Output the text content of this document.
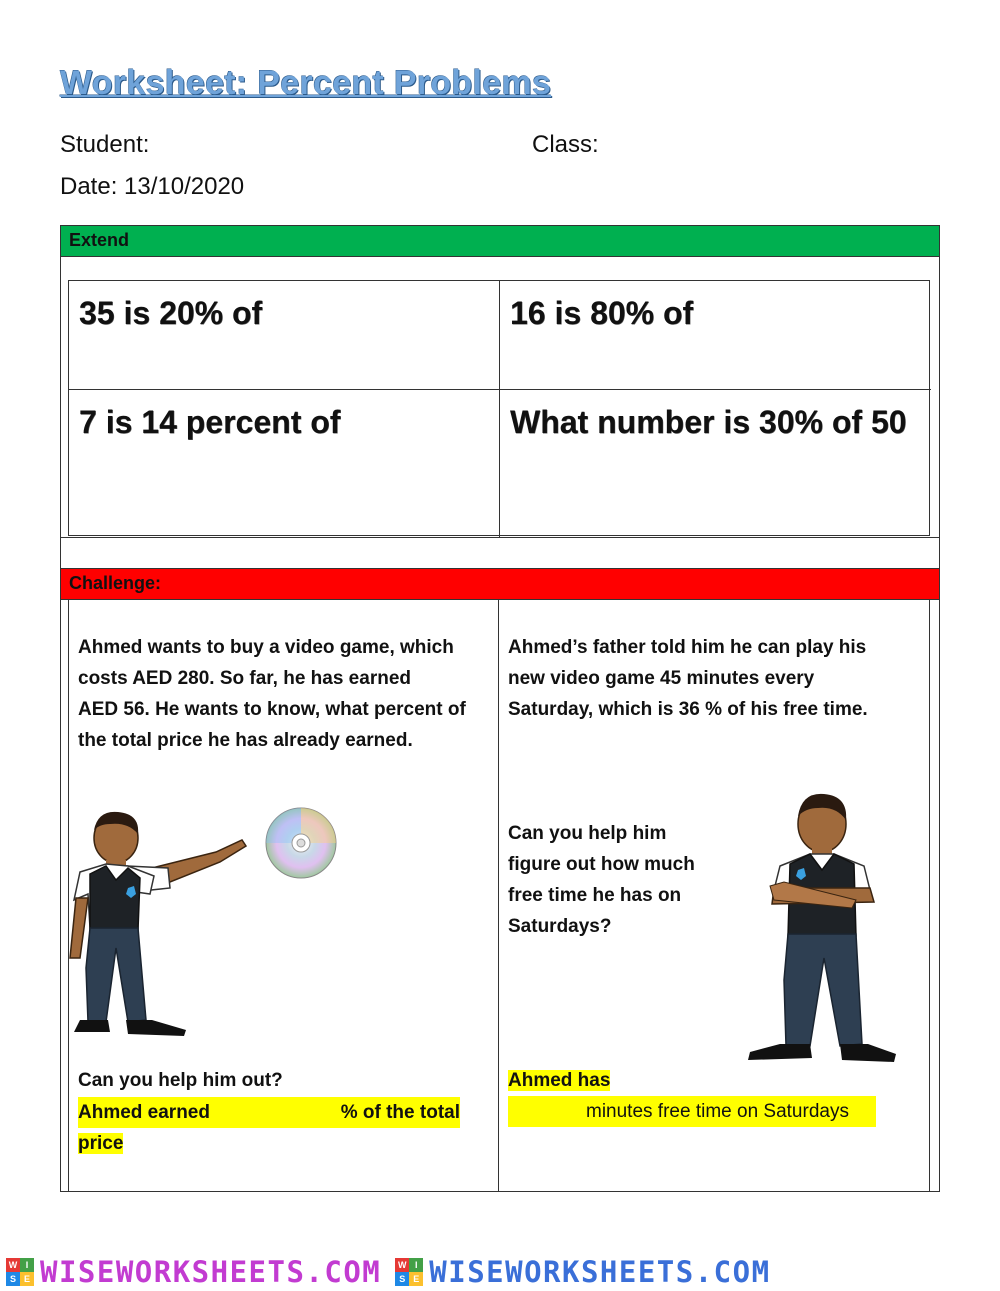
Worksheet: Percent Problems
Student:	Class:
Date: 13/10/2020
Extend
35 is 20% of	16 is 80% of
7 is 14 percent of	What number is 30% of 50
Challenge:
Ahmed wants to buy a video game, which
costs AED 280. So far, he has earned
AED 56. He wants to know, what percent of
the total price he has already earned.
Can you help him out?
Ahmed earned	% of the total
price
Ahmed’s father told him he can play his
new video game 45 minutes every
Saturday, which is 36 % of his free time.
Can you help him
figure out how much
free time he has on
Saturdays?
Ahmed has
minutes free time on Saturdays
W I
S E WISEWORKSHEETS.COM	W I
S E WISEWORKSHEETS.COM
